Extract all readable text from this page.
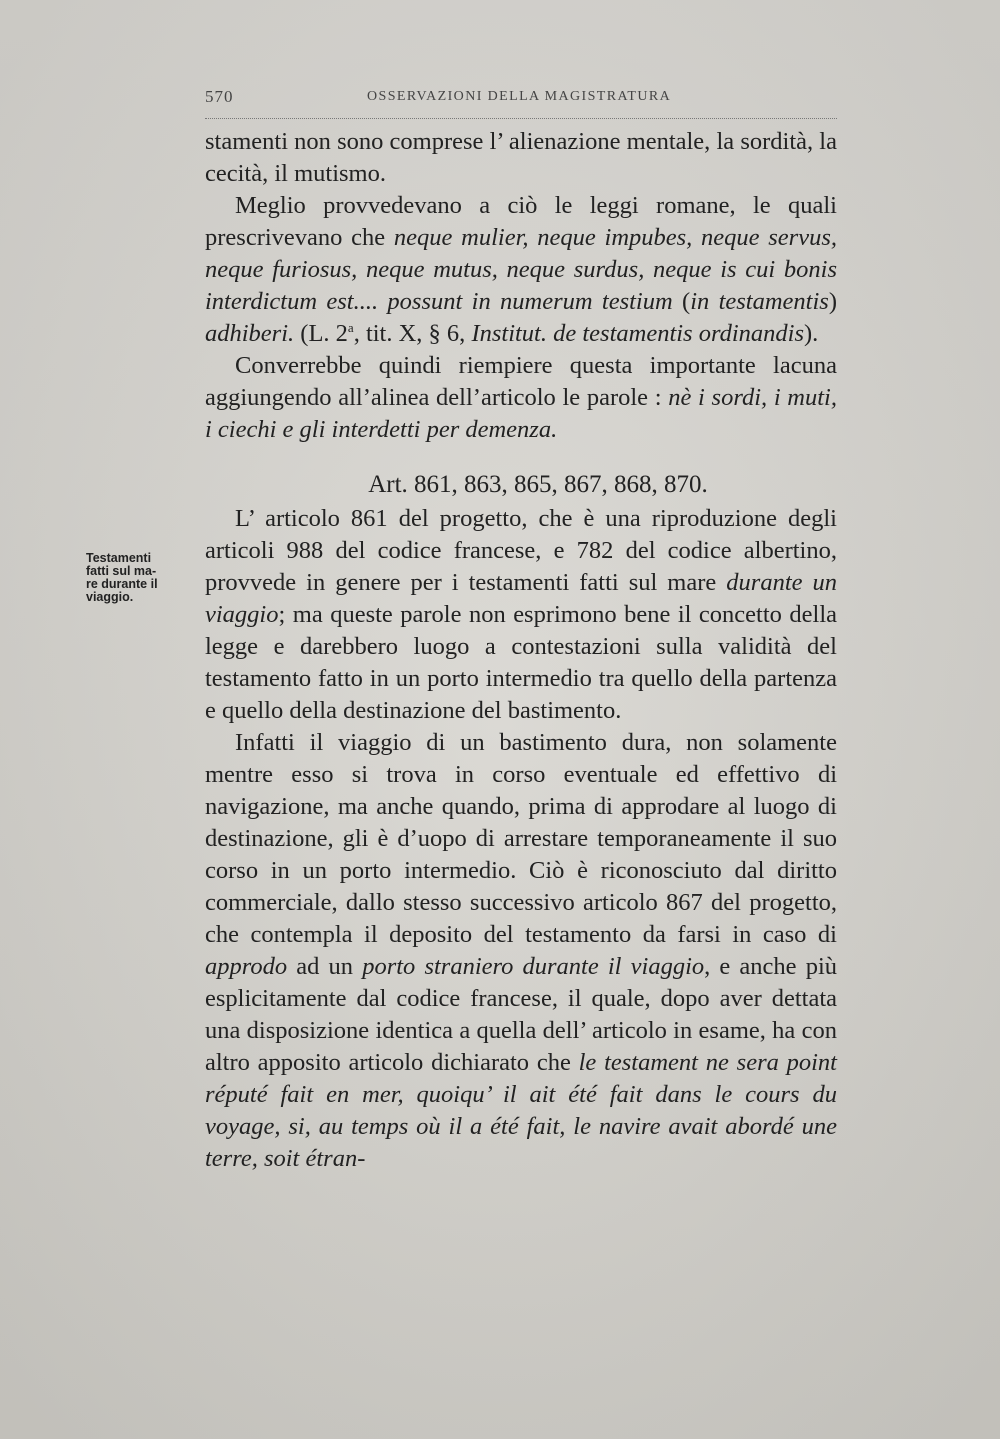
570	OSSERVAZIONI DELLA MAGISTRATURA
Testamenti
fatti sul ma-
re durante il
viaggio.

stamenti non sono comprese l’ alienazione mentale, la sordità, la cecità, il mutismo.

Meglio provvedevano a ciò le leggi romane, le quali prescrivevano che neque mulier, neque impubes, neque servus, neque furiosus, neque mutus, neque surdus, neque is cui bonis interdictum est.... possunt in numerum testium (in testamentis) adhiberi. (L. 2$^a$, tit. X, § 6, Institut. de testamentis ordinandis).

Converrebbe quindi riempiere questa importante lacuna aggiungendo all’alinea dell’articolo le parole : nè i sordi, i muti, i ciechi e gli interdetti per demenza.

Art. 861, 863, 865, 867, 868, 870.

L’ articolo 861 del progetto, che è una riproduzione degli articoli 988 del codice francese, e 782 del codice albertino, provvede in genere per i testamenti fatti sul mare durante un viaggio; ma queste parole non esprimono bene il concetto della legge e darebbero luogo a contestazioni sulla validità del testamento fatto in un porto intermedio tra quello della partenza e quello della destinazione del bastimento.

Infatti il viaggio di un bastimento dura, non solamente mentre esso si trova in corso eventuale ed effettivo di navigazione, ma anche quando, prima di approdare al luogo di destinazione, gli è d’uopo di arrestare temporaneamente il suo corso in un porto intermedio. Ciò è riconosciuto dal diritto commerciale, dallo stesso successivo articolo 867 del progetto, che contempla il deposito del testamento da farsi in caso di approdo ad un porto straniero durante il viaggio, e anche più esplicitamente dal codice francese, il quale, dopo aver dettata una disposizione identica a quella dell’ articolo in esame, ha con altro apposito articolo dichiarato che le testament ne sera point réputé fait en mer, quoiqu’ il ait été fait dans le cours du voyage, si, au temps où il a été fait, le navire avait abordé une terre, soit étran-
